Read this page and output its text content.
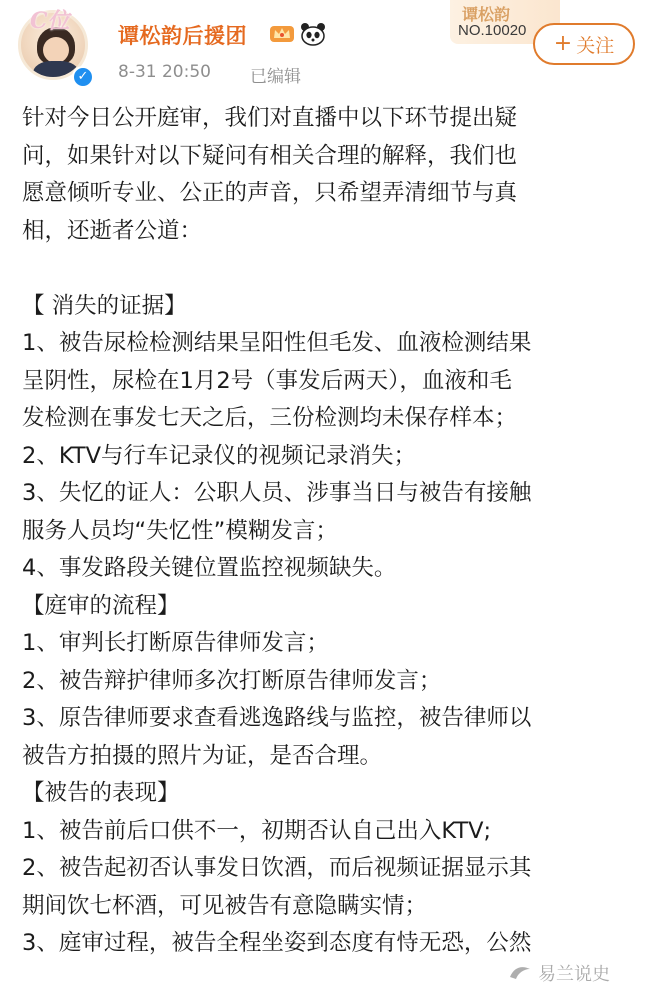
C位
✓
谭松韵后援团
8-31 20:50 已编辑
谭松韵
NO.10020
+ 关注
针对今日公开庭审，我们对直播中以下环节提出疑
问，如果针对以下疑问有相关合理的解释，我们也
愿意倾听专业、公正的声音，只希望弄清细节与真
相，还逝者公道：
【 消失的证据】
1、被告尿检检测结果呈阳性但毛发、血液检测结果
呈阴性，尿检在1月2号（事发后两天），血液和毛
发检测在事发七天之后，三份检测均未保存样本；
2、KTV与行车记录仪的视频记录消失；
3、失忆的证人：公职人员、涉事当日与被告有接触
服务人员均“失忆性”模糊发言；
4、事发路段关键位置监控视频缺失。
【庭审的流程】
1、审判长打断原告律师发言；
2、被告辩护律师多次打断原告律师发言；
3、原告律师要求查看逃逸路线与监控，被告律师以
被告方拍摄的照片为证，是否合理。
【被告的表现】
1、被告前后口供不一，初期否认自己出入KTV;
2、被告起初否认事发日饮酒，而后视频证据显示其
期间饮七杯酒，可见被告有意隐瞒实情；
3、庭审过程，被告全程坐姿到态度有恃无恐，公然
易兰说史
